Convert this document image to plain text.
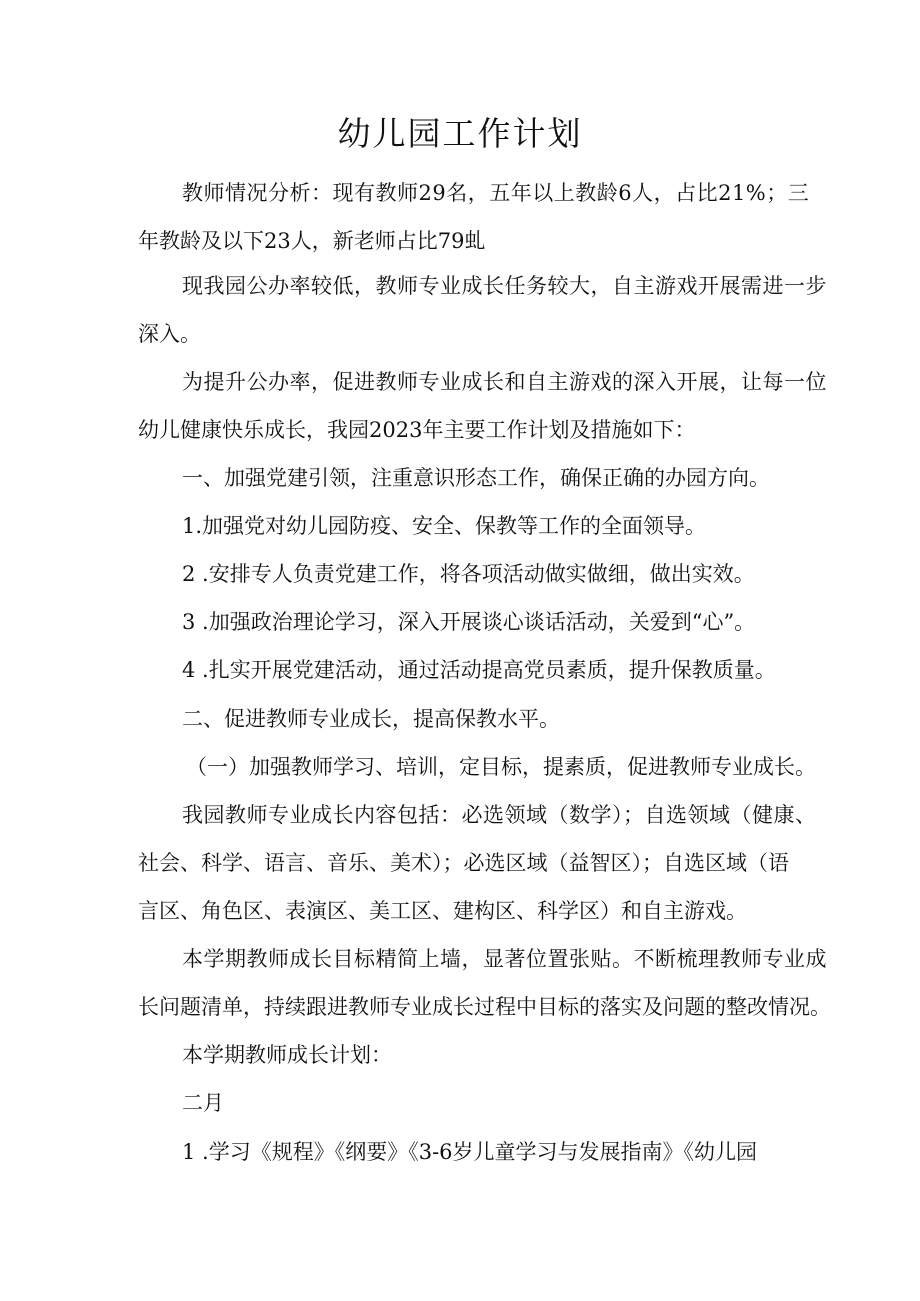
幼儿园工作计划

教师情况分析：现有教师29名，五年以上教龄6人，占比21%；三

年教龄及以下23人，新老师占比79虬

现我园公办率较低，教师专业成长任务较大，自主游戏开展需进一步

深入。

为提升公办率，促进教师专业成长和自主游戏的深入开展，让每一位

幼儿健康快乐成长，我园2023年主要工作计划及措施如下：

一、加强党建引领，注重意识形态工作，确保正确的办园方向。

1.加强党对幼儿园防疫、安全、保教等工作的全面领导。

2 .安排专人负责党建工作，将各项活动做实做细，做出实效。

3 .加强政治理论学习，深入开展谈心谈话活动，关爱到“心”。

4 .扎实开展党建活动，通过活动提高党员素质，提升保教质量。

二、促进教师专业成长，提高保教水平。

（一）加强教师学习、培训，定目标，提素质，促进教师专业成长。

我园教师专业成长内容包括：必选领域（数学）；自选领域（健康、

社会、科学、语言、音乐、美术）；必选区域（益智区）；自选区域（语

言区、角色区、表演区、美工区、建构区、科学区）和自主游戏。

本学期教师成长目标精简上墙，显著位置张贴。不断梳理教师专业成

长问题清单，持续跟进教师专业成长过程中目标的落实及问题的整改情况。

本学期教师成长计划：

二月

1 .学习《规程》《纲要》《3-6岁儿童学习与发展指南》《幼儿园
